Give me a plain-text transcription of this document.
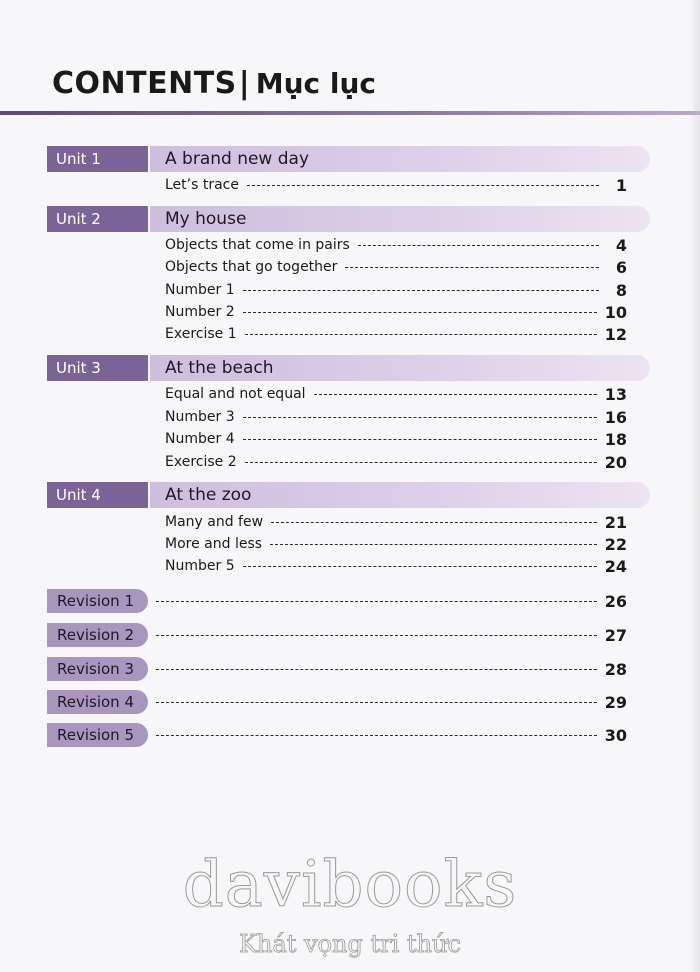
CONTENTS | Mục lục
Unit 1	A brand new day
Let’s trace	1
Unit 2	My house
Objects that come in pairs	4
Objects that go together	6
Number 1	8
Number 2	10
Exercise 1	12
Unit 3	At the beach
Equal and not equal	13
Number 3	16
Number 4	18
Exercise 2	20
Unit 4	At the zoo
Many and few	21
More and less	22
Number 5	24
Revision 1	26
Revision 2	27
Revision 3	28
Revision 4	29
Revision 5	30
davibooks
Khát vọng tri thức
